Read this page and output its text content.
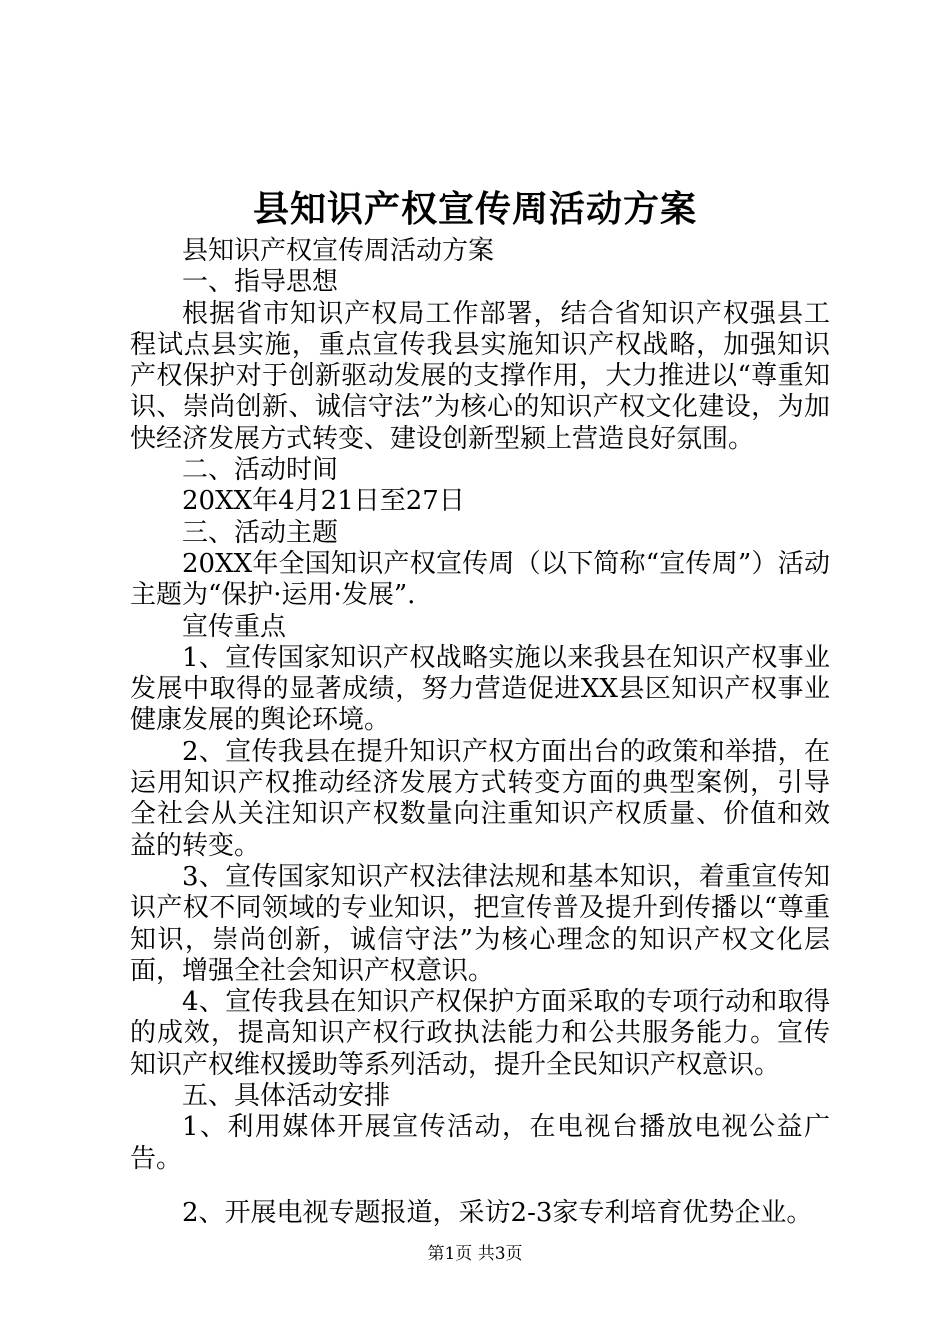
县知识产权宣传周活动方案

县知识产权宣传周活动方案

一、指导思想

根据省市知识产权局工作部署，结合省知识产权强县工程试点县实施，重点宣传我县实施知识产权战略，加强知识产权保护对于创新驱动发展的支撑作用，大力推进以“尊重知识、崇尚创新、诚信守法”为核心的知识产权文化建设，为加快经济发展方式转变、建设创新型颍上营造良好氛围。

二、活动时间

20XX年4月21日至27日

三、活动主题

20XX年全国知识产权宣传周（以下简称“宣传周”）活动主题为“保护·运用·发展”.

宣传重点

1、宣传国家知识产权战略实施以来我县在知识产权事业发展中取得的显著成绩，努力营造促进XX县区知识产权事业健康发展的舆论环境。

2、宣传我县在提升知识产权方面出台的政策和举措，在运用知识产权推动经济发展方式转变方面的典型案例，引导全社会从关注知识产权数量向注重知识产权质量、价值和效益的转变。

3、宣传国家知识产权法律法规和基本知识，着重宣传知识产权不同领域的专业知识，把宣传普及提升到传播以“尊重知识，崇尚创新，诚信守法”为核心理念的知识产权文化层面，增强全社会知识产权意识。

4、宣传我县在知识产权保护方面采取的专项行动和取得的成效，提高知识产权行政执法能力和公共服务能力。宣传知识产权维权援助等系列活动，提升全民知识产权意识。

五、具体活动安排

1、利用媒体开展宣传活动，在电视台播放电视公益广告。

2、开展电视专题报道，采访2-3家专利培育优势企业。

第1页 共3页
